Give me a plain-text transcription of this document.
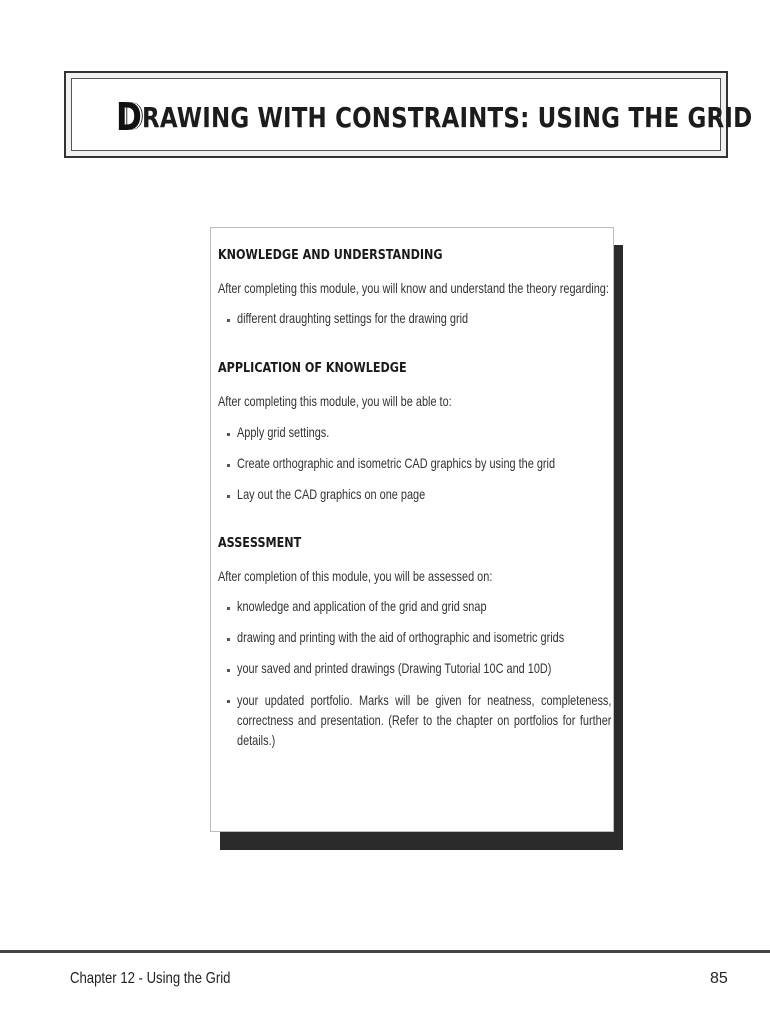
DRAWING WITH CONSTRAINTS: USING THE GRID
KNOWLEDGE AND UNDERSTANDING
After completing this module, you will know and understand the theory regarding:
different draughting settings for the drawing grid
APPLICATION OF KNOWLEDGE
After completing this module, you will be able to:
Apply grid settings.
Create orthographic and isometric CAD graphics by using the grid
Lay out the CAD graphics on one page
ASSESSMENT
After completion of this module, you will be assessed on:
knowledge and application of the grid and grid snap
drawing and printing with the aid of orthographic and isometric grids
your saved and printed drawings (Drawing Tutorial 10C and 10D)
your updated portfolio. Marks will be given for neatness, completeness, correctness and presentation. (Refer to the chapter on portfolios for further details.)
Chapter 12 - Using the Grid	85
